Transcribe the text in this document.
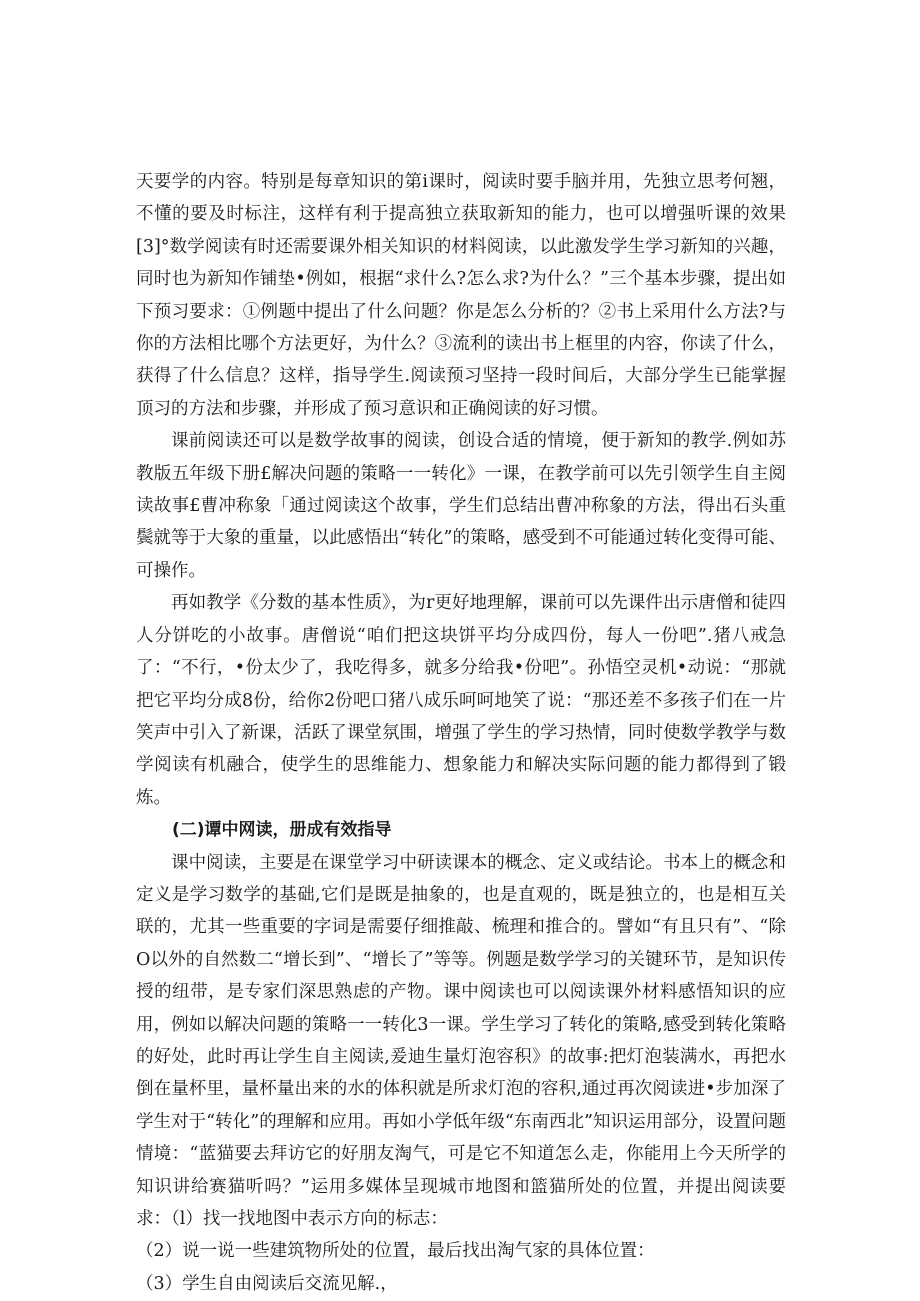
天要学的内容。特别是每章知识的第i课时，阅读时要手脑并用，先独立思考何翘，不懂的要及时标注，这样有利于提高独立获取新知的能力，也可以增强听课的效果[3]°数学阅读有时还需要课外相关知识的材料阅读，以此激发学生学习新知的兴趣，同时也为新知作铺垫•例如，根据“求什么?怎么求?为什么？”三个基本步骤，提出如下预习要求：①例题中提出了什么问题？你是怎么分析的？②书上采用什么方法?与你的方法相比哪个方法更好，为什么？③流利的读出书上框里的内容，你读了什么，获得了什么信息？这样，指导学生.阅读预习坚持一段时间后，大部分学生已能掌握顶习的方法和步骤，并形成了预习意识和正确阅读的好习惯。

课前阅读还可以是数学故事的阅读，创设合适的情境，便于新知的教学.例如苏教版五年级下册£解决问题的策略一一转化》一课，在教学前可以先引领学生自主阅读故事£曹冲称象「通过阅读这个故事，学生们总结出曹冲称象的方法，得出石头重鬓就等于大象的重量，以此感悟出“转化”的策略，感受到不可能通过转化变得可能、可操作。

再如教学《分数的基本性质》，为r更好地理解，课前可以先课件出示唐僧和徒四人分饼吃的小故事。唐僧说“咱们把这块饼平均分成四份，每人一份吧”.猪八戒急了：“不行，•份太少了，我吃得多，就多分给我•份吧”。孙悟空灵机•动说：“那就把它平均分成8份，给你2份吧口猪八成乐呵呵地笑了说：“那还差不多孩子们在一片笑声中引入了新课，活跃了课堂氛围，增强了学生的学习热情，同时使数学教学与数学阅读有机融合，使学生的思维能力、想象能力和解决实际问题的能力都得到了锻炼。

(二)谭中网读，册成有效指导

课中阅读，主要是在课堂学习中研读课本的概念、定义或结论。书本上的概念和定义是学习数学的基础,它们是既是抽象的，也是直观的，既是独立的，也是相互关联的，尤其一些重要的字词是需要仔细推敲、梳理和推合的。譬如“有且只有”、“除O以外的自然数二“增长到”、“增长了”等等。例题是数学学习的关键环节，是知识传授的纽带，是专家们深思熟虑的产物。课中阅读也可以阅读课外材料感悟知识的应用，例如以解决问题的策略一一转化3一课。学生学习了转化的策略,感受到转化策略的好处，此时再让学生自主阅读,爰迪生量灯泡容积》的故事:把灯泡装满水，再把水倒在量杯里，量杯量出来的水的体积就是所求灯泡的容积,通过再次阅读进•步加深了学生对于“转化”的理解和应用。再如小学低年级“东南西北”知识运用部分，设置问题情境：“蓝猫要去拜访它的好朋友淘气，可是它不知道怎么走，你能用上今天所学的知识讲给赛猫听吗？”运用多媒体呈现城市地图和篮猫所处的位置，并提出阅读要求：（l）找一找地图中表示方向的标志：

（2）说一说一些建筑物所处的位置，最后找出淘气家的具体位置：

（3）学生自由阅读后交流见解.，
